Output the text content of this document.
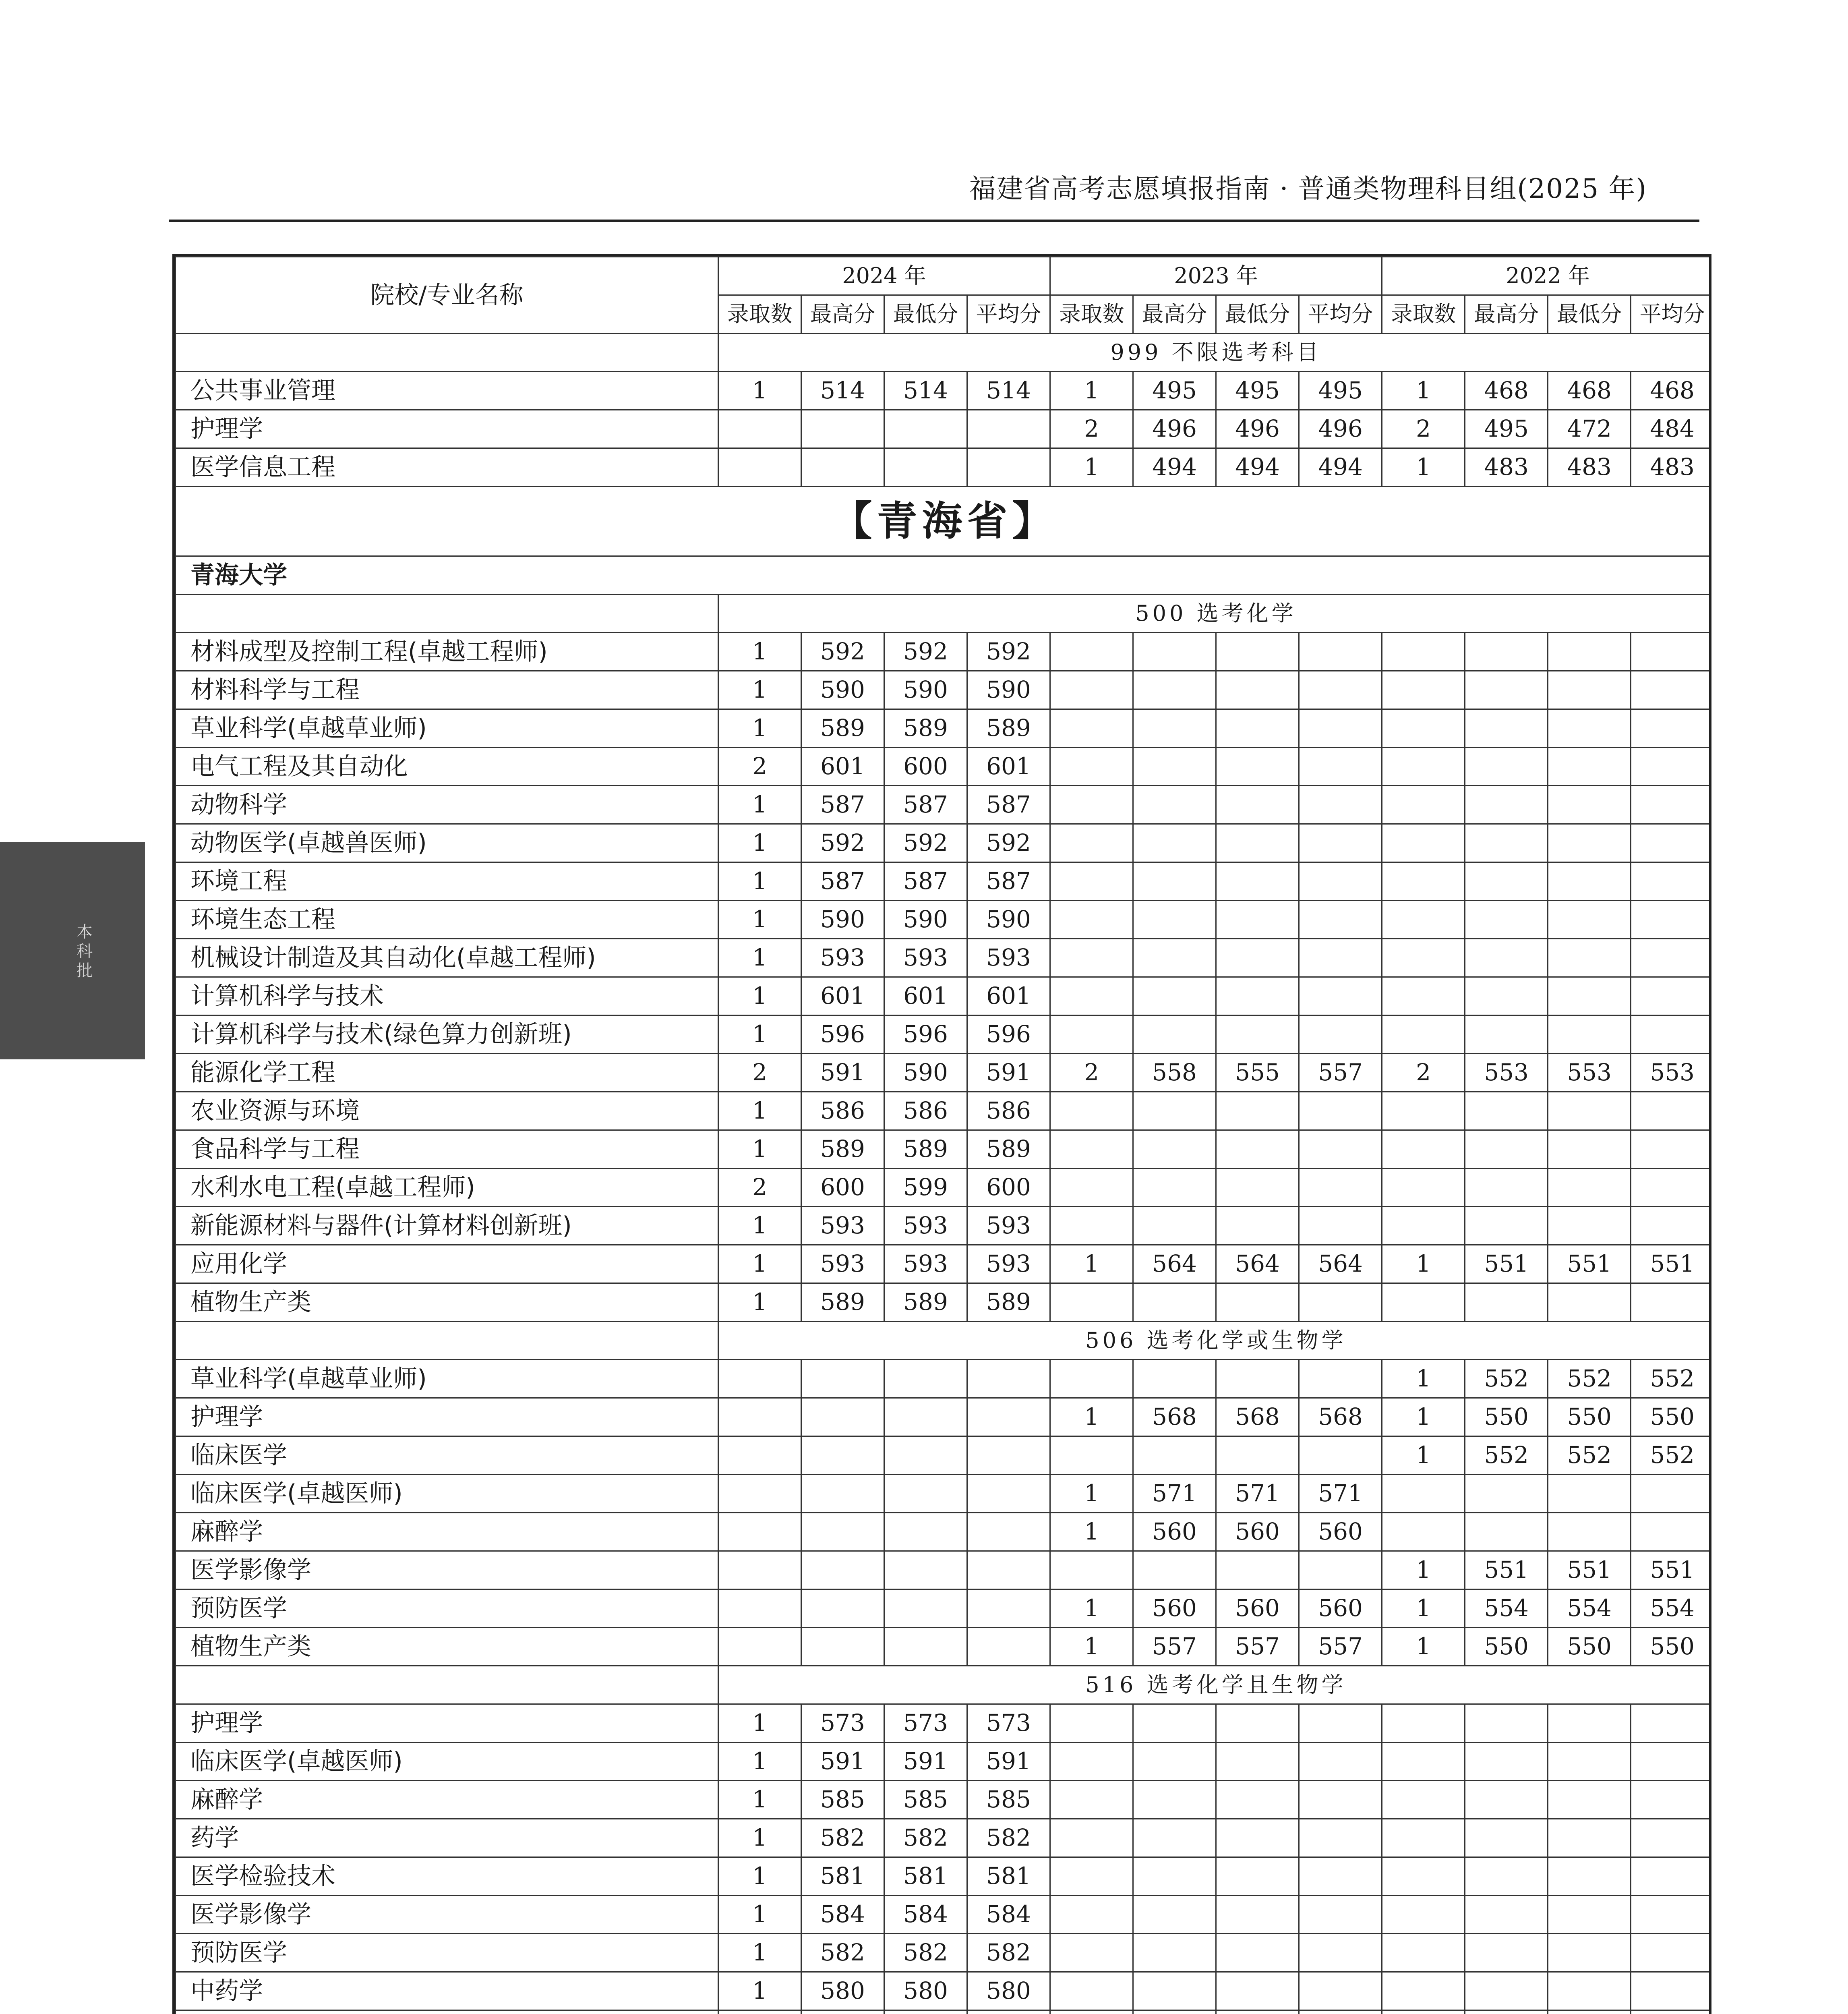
福建省高考志愿填报指南 · 普通类物理科目组(2025 年)
本科批
院校/专业名称	2024 年				2023 年				2022 年			
	录取数	最高分	最低分	平均分	录取数	最高分	最低分	平均分	录取数	最高分	最低分	平均分
	999 不限选考科目											
公共事业管理	1	514	514	514	1	495	495	495	1	468	468	468
护理学					2	496	496	496	2	495	472	484
医学信息工程					1	494	494	494	1	483	483	483
【青海省】												
青海大学												
	500 选考化学											
材料成型及控制工程(卓越工程师)	1	592	592	592								
材料科学与工程	1	590	590	590								
草业科学(卓越草业师)	1	589	589	589								
电气工程及其自动化	2	601	600	601								
动物科学	1	587	587	587								
动物医学(卓越兽医师)	1	592	592	592								
环境工程	1	587	587	587								
环境生态工程	1	590	590	590								
机械设计制造及其自动化(卓越工程师)	1	593	593	593								
计算机科学与技术	1	601	601	601								
计算机科学与技术(绿色算力创新班)	1	596	596	596								
能源化学工程	2	591	590	591	2	558	555	557	2	553	553	553
农业资源与环境	1	586	586	586								
食品科学与工程	1	589	589	589								
水利水电工程(卓越工程师)	2	600	599	600								
新能源材料与器件(计算材料创新班)	1	593	593	593								
应用化学	1	593	593	593	1	564	564	564	1	551	551	551
植物生产类	1	589	589	589								
	506 选考化学或生物学											
草业科学(卓越草业师)									1	552	552	552
护理学					1	568	568	568	1	550	550	550
临床医学									1	552	552	552
临床医学(卓越医师)					1	571	571	571				
麻醉学					1	560	560	560				
医学影像学									1	551	551	551
预防医学					1	560	560	560	1	554	554	554
植物生产类					1	557	557	557	1	550	550	550
	516 选考化学且生物学											
护理学	1	573	573	573								
临床医学(卓越医师)	1	591	591	591								
麻醉学	1	585	585	585								
药学	1	582	582	582								
医学检验技术	1	581	581	581								
医学影像学	1	584	584	584								
预防医学	1	582	582	582								
中药学	1	580	580	580								
